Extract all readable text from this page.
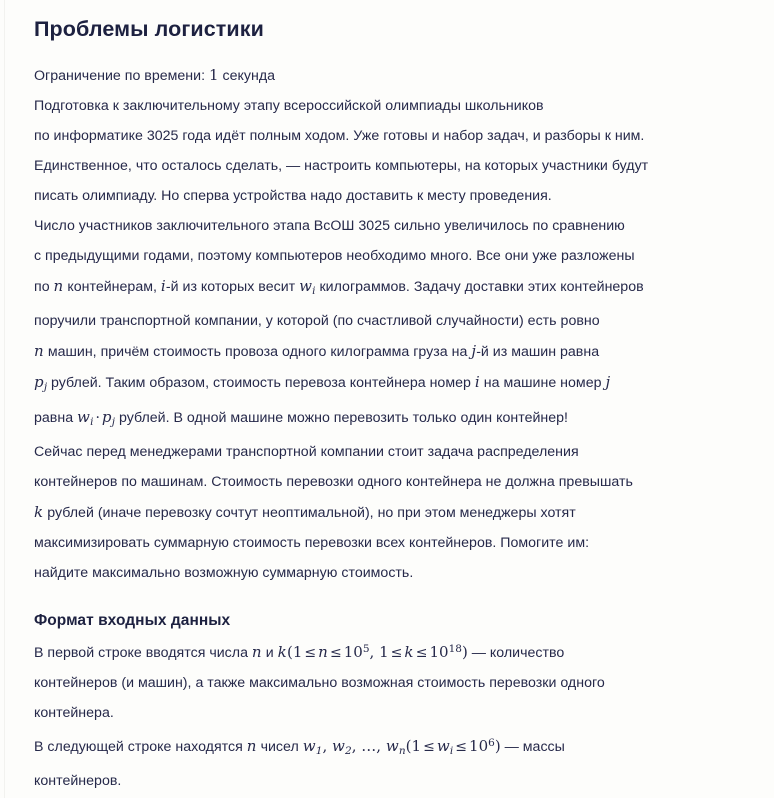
Проблемы логистики

Ограничение по времени: 1 секунда

Подготовка к заключительному этапу всероссийской олимпиады школьников
по информатике 3025 года идёт полным ходом. Уже готовы и набор задач, и разборы к ним.
Единственное, что осталось сделать, — настроить компьютеры, на которых участники будут
писать олимпиаду. Но сперва устройства надо доставить к месту проведения.
Число участников заключительного этапа ВсОШ 3025 сильно увеличилось по сравнению
с предыдущими годами, поэтому компьютеров необходимо много. Все они уже разложены
по n контейнерам, i-й из которых весит $w_i$ килограммов. Задачу доставки этих контейнеров
поручили транспортной компании, у которой (по счастливой случайности) есть ровно
n машин, причём стоимость провоза одного килограмма груза на j-й из машин равна
$p_j$ рублей. Таким образом, стоимость перевоза контейнера номер i на машине номер j
равна $w_i \cdot p_j$ рублей. В одной машине можно перевозить только один контейнер!
Сейчас перед менеджерами транспортной компании стоит задача распределения
контейнеров по машинам. Стоимость перевозки одного контейнера не должна превышать
k рублей (иначе перевозку сочтут неоптимальной), но при этом менеджеры хотят
максимизировать суммарную стоимость перевозки всех контейнеров. Помогите им:
найдите максимально возможную суммарную стоимость.

Формат входных данных

В первой строке вводятся числа n и $k(1 \le n \le 10^5$, $1 \le k \le 10^{18}$) — количество
контейнеров (и машин), а также максимально возможная стоимость перевозки одного
контейнера.
В следующей строке находятся n чисел $w_1$, $w_2$, …, $w_n(1 \le w_i \le 10^6)$ — массы
контейнеров.
